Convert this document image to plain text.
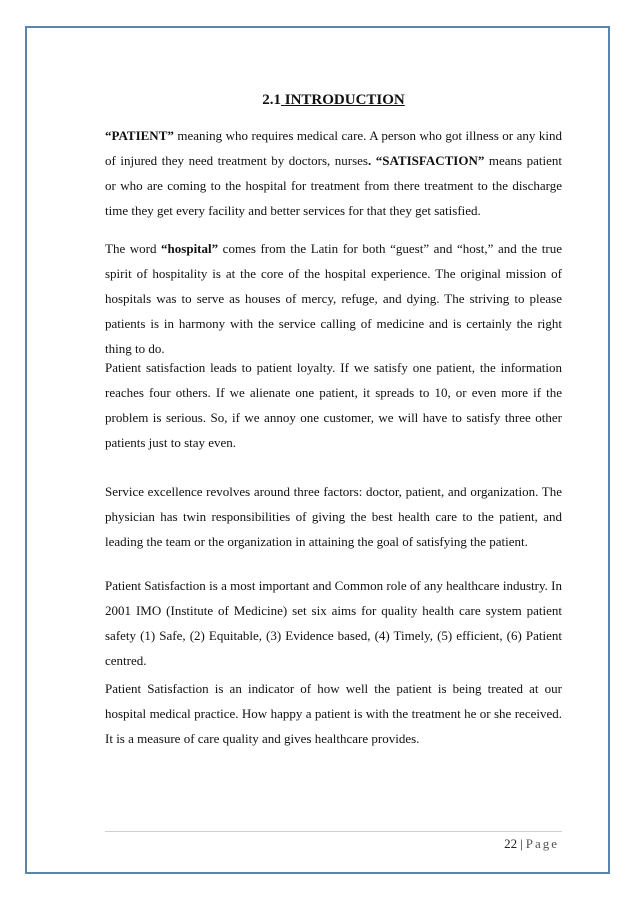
2.1 INTRODUCTION

“PATIENT” meaning who requires medical care. A person who got illness or any kind of injured they need treatment by doctors, nurses. “SATISFACTION” means patient or who are coming to the hospital for treatment from there treatment to the discharge time they get every facility and better services for that they get satisfied.

The word “hospital” comes from the Latin for both “guest” and “host,” and the true spirit of hospitality is at the core of the hospital experience. The original mission of hospitals was to serve as houses of mercy, refuge, and dying. The striving to please patients is in harmony with the service calling of medicine and is certainly the right thing to do.

Patient satisfaction leads to patient loyalty. If we satisfy one patient, the information reaches four others. If we alienate one patient, it spreads to 10, or even more if the problem is serious. So, if we annoy one customer, we will have to satisfy three other patients just to stay even.

Service excellence revolves around three factors: doctor, patient, and organization. The physician has twin responsibilities of giving the best health care to the patient, and leading the team or the organization in attaining the goal of satisfying the patient.

Patient Satisfaction is a most important and Common role of any healthcare industry. In 2001 IMO (Institute of Medicine) set six aims for quality health care system patient safety (1) Safe, (2) Equitable, (3) Evidence based, (4) Timely, (5) efficient, (6) Patient centred.

Patient Satisfaction is an indicator of how well the patient is being treated at our hospital medical practice. How happy a patient is with the treatment he or she received. It is a measure of care quality and gives healthcare provides.

22 | Page
